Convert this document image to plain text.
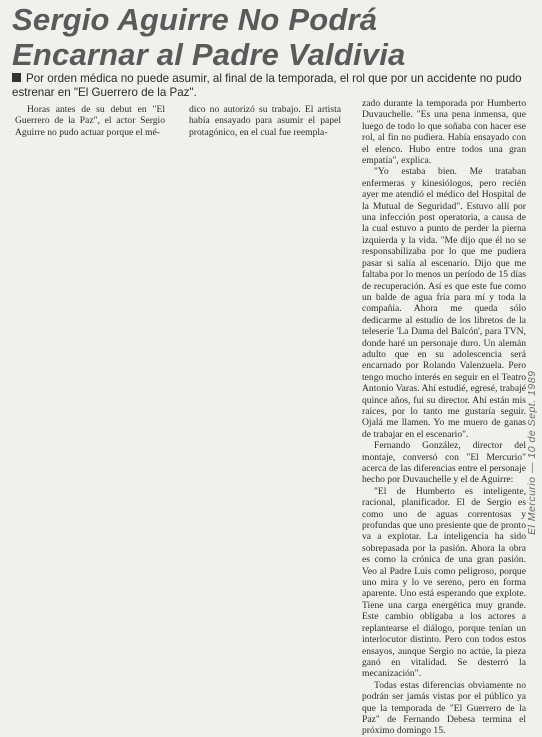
Sergio Aguirre No Podrá
Encarnar al Padre Valdivia
Por orden médica no puede asumir, al final de la temporada, el rol que por un accidente no pudo estrenar en "El Guerrero de la Paz".

Horas antes de su debut en "El Guerrero de la Paz", el actor Sergio Aguirre no pudo actuar porque el mé-

dico no autorizó su trabajo. El artista había ensayado para asumir el papel protagónico, en el cual fue reempla-

zado durante la temporada por Humberto Duvauchelle. "Es una pena inmensa, que luego de todo lo que soñaba con hacer ese rol, al fin no pudiera. Había ensayado con el elenco. Hubo entre todos una gran empatía", explica.

"Yo estaba bien. Me trataban enfermeras y kinesiólogos, pero recién ayer me atendió el médico del Hospital de la Mutual de Seguridad". Estuvo allí por una infección post operatoria, a causa de la cual estuvo a punto de perder la pierna izquierda y la vida. "Me dijo que él no se responsabilizaba por lo que me pudiera pasar si salía al escenario. Dijo que me faltaba por lo menos un período de 15 días de recuperación. Así es que este fue como un balde de agua fría para mí y toda la compañía. Ahora me queda sólo dedicarme al estudio de los libretos de la teleserie 'La Dama del Balcón', para TVN, donde haré un personaje duro. Un alemán adulto que en su adolescencia será encarnado por Rolando Valenzuela. Pero tengo mucho interés en seguir en el Teatro Antonio Varas. Ahí estudié, egresé, trabajé quince años, fui su director. Ahí están mis raíces, por lo tanto me gustaría seguir. Ojalá me llamen. Yo me muero de ganas de trabajar en el escenario".

Fernando González, director del montaje, conversó con "El Mercurio" acerca de las diferencias entre el personaje hecho por Duvauchelle y el de Aguirre:

"El de Humberto es inteligente, racional, planificador. El de Sergio es como uno de aguas correntosas y profundas que uno presiente que de pronto va a explotar. La inteligencia ha sido sobrepasada por la pasión. Ahora la obra es como la crónica de una gran pasión. Veo al Padre Luis como peligroso, porque uno mira y lo ve sereno, pero en forma aparente. Uno está esperando que explote. Tiene una carga energética muy grande. Este cambio obligaba a los actores a replantearse el diálogo, porque tenían un interlocutor distinto. Pero con todos estos ensayos, aunque Sergio no actúe, la pieza ganó en vitalidad. Se desterró la mecanización".

Todas estas diferencias obviamente no podrán ser jamás vistas por el público ya que la temporada de "El Guerrero de la Paz" de Fernando Debesa termina el próximo domingo 15.

El Mercurio — 10 de Sept. 1989
